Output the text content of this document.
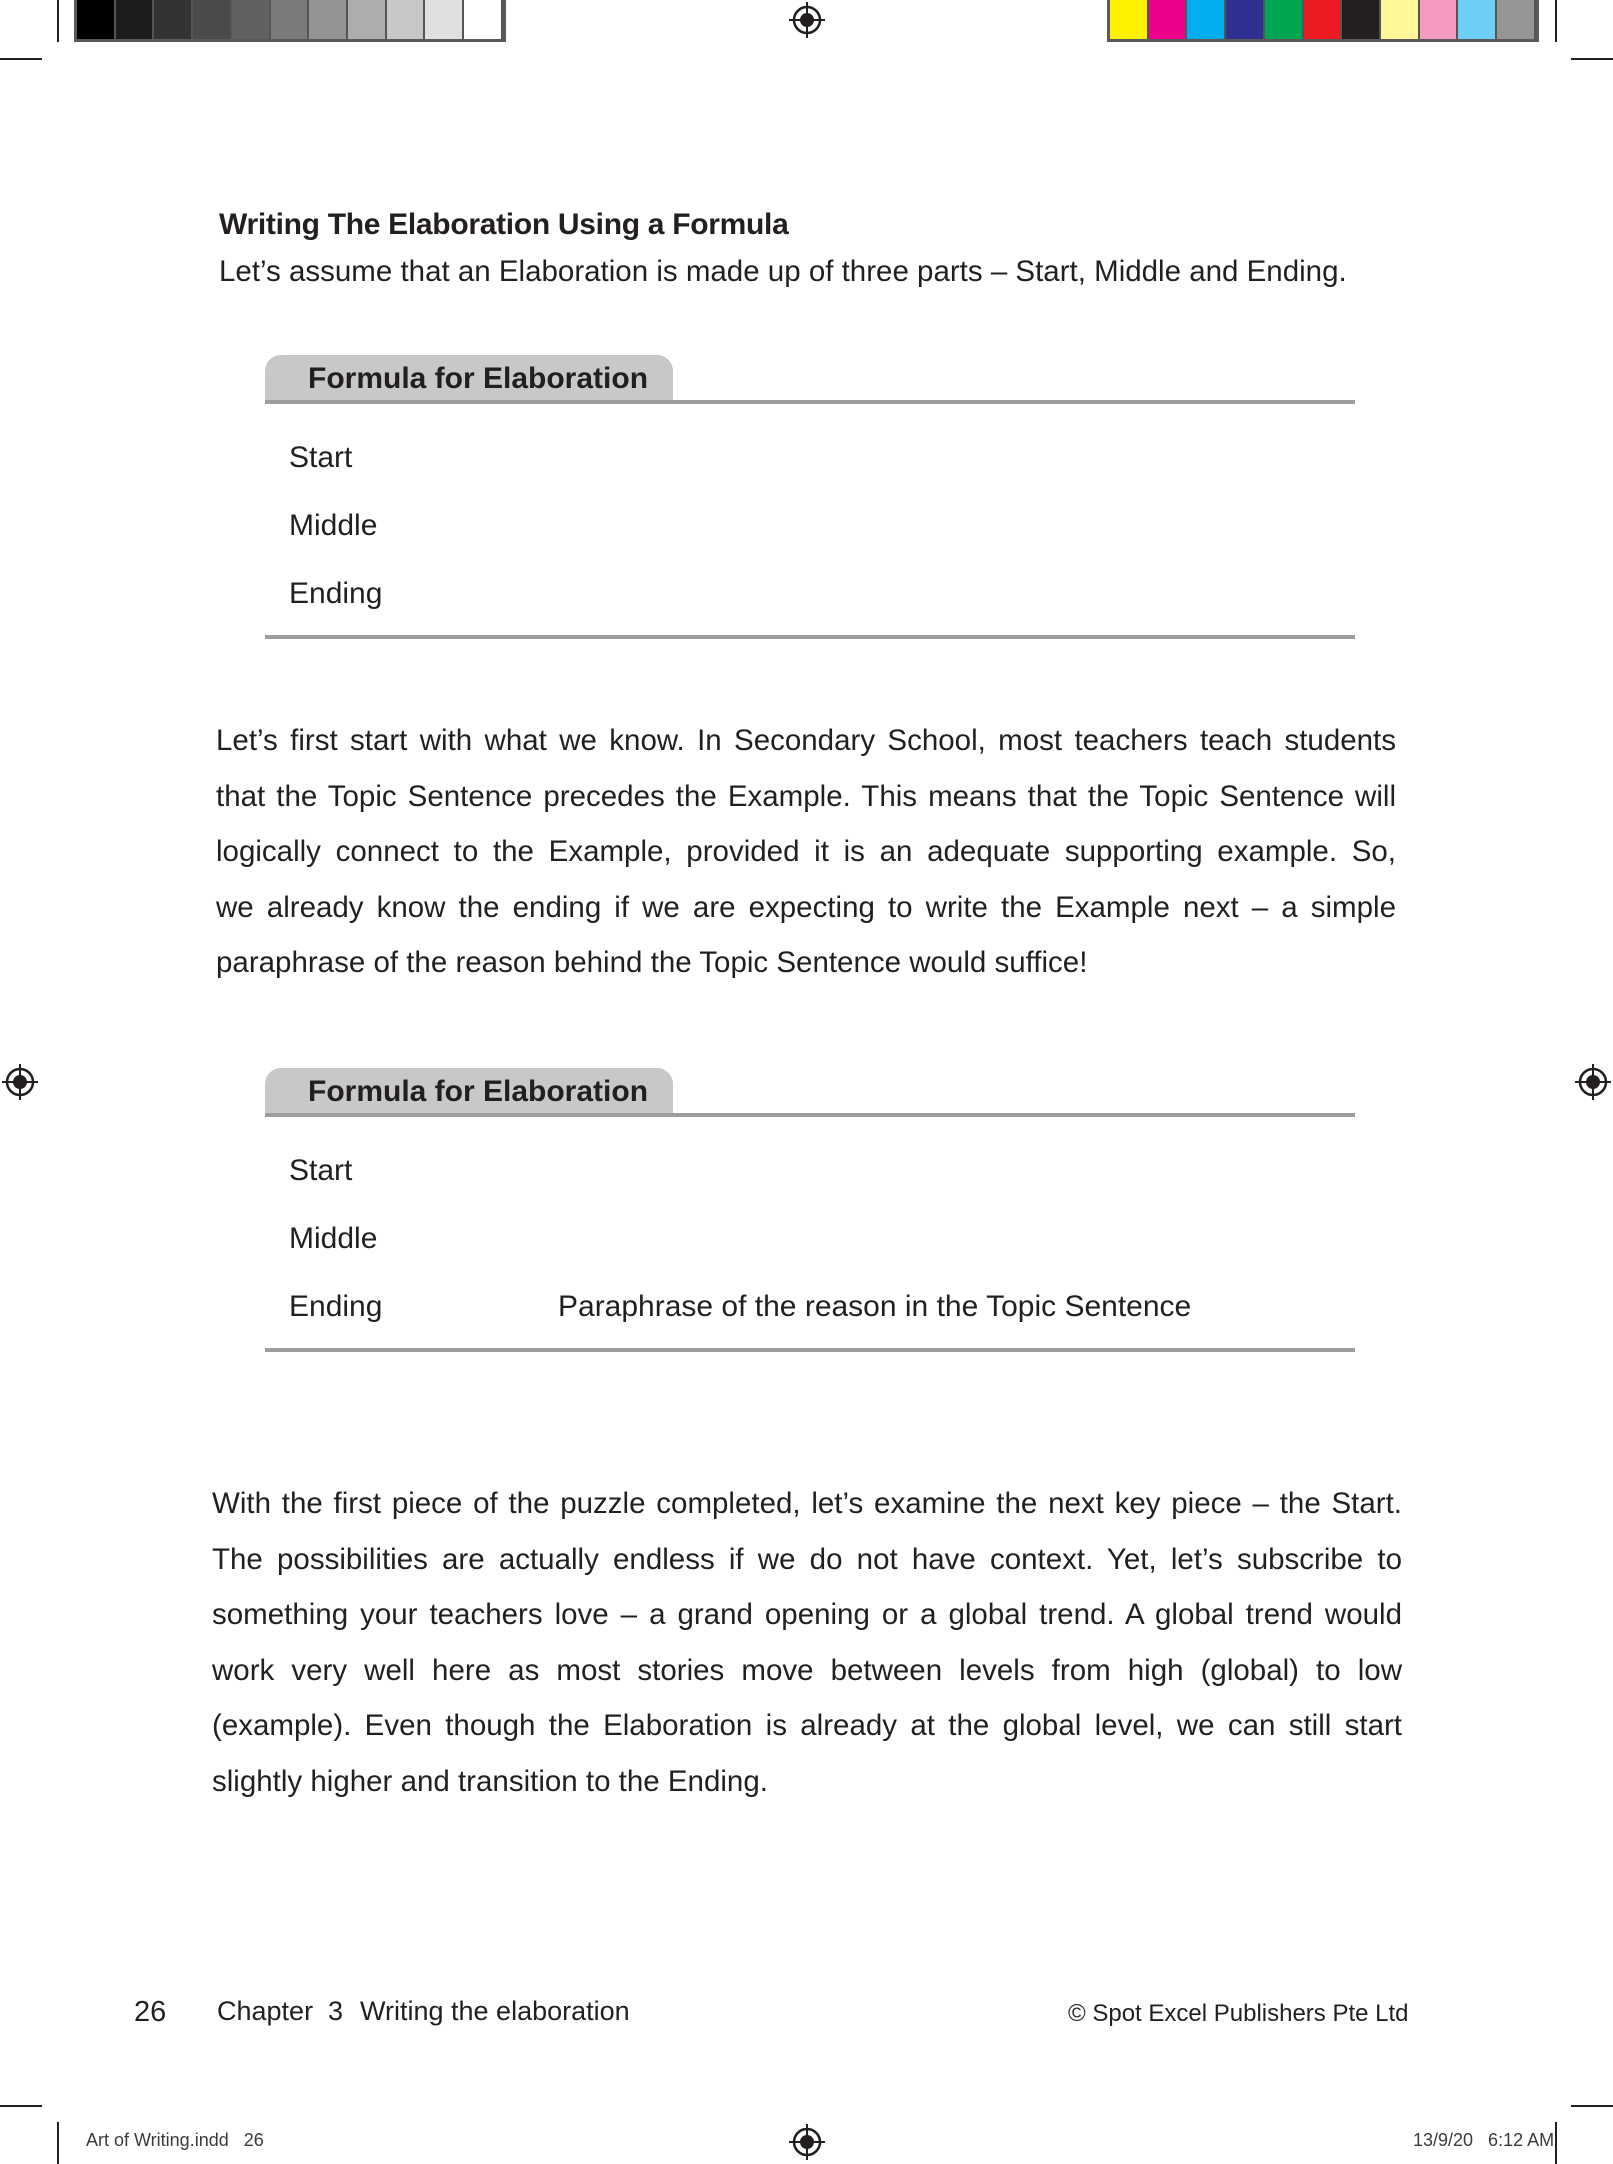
Writing The Elaboration Using a Formula
Let’s assume that an Elaboration is made up of three parts – Start, Middle and Ending.
Formula for Elaboration
Start
Middle
Ending

Let’s first start with what we know. In Secondary School, most teachers teach students

that the Topic Sentence precedes the Example. This means that the Topic Sentence will

logically connect to the Example, provided it is an adequate supporting example. So,

we already know the ending if we are expecting to write the Example next – a simple

paraphrase of the reason behind the Topic Sentence would suffice!

Formula for Elaboration
Start
Middle
Ending	Paraphrase of the reason in the Topic Sentence

With the first piece of the puzzle completed, let’s examine the next key piece – the Start.

The possibilities are actually endless if we do not have context. Yet, let’s subscribe to

something your teachers love – a grand opening or a global trend. A global trend would

work very well here as most stories move between levels from high (global) to low

(example). Even though the Elaboration is already at the global level, we can still start

slightly higher and transition to the Ending.

26 Chapter  3 Writing the elaboration	© Spot Excel Publishers Pte Ltd
Art of Writing.indd   26	13/9/20   6:12 AM
